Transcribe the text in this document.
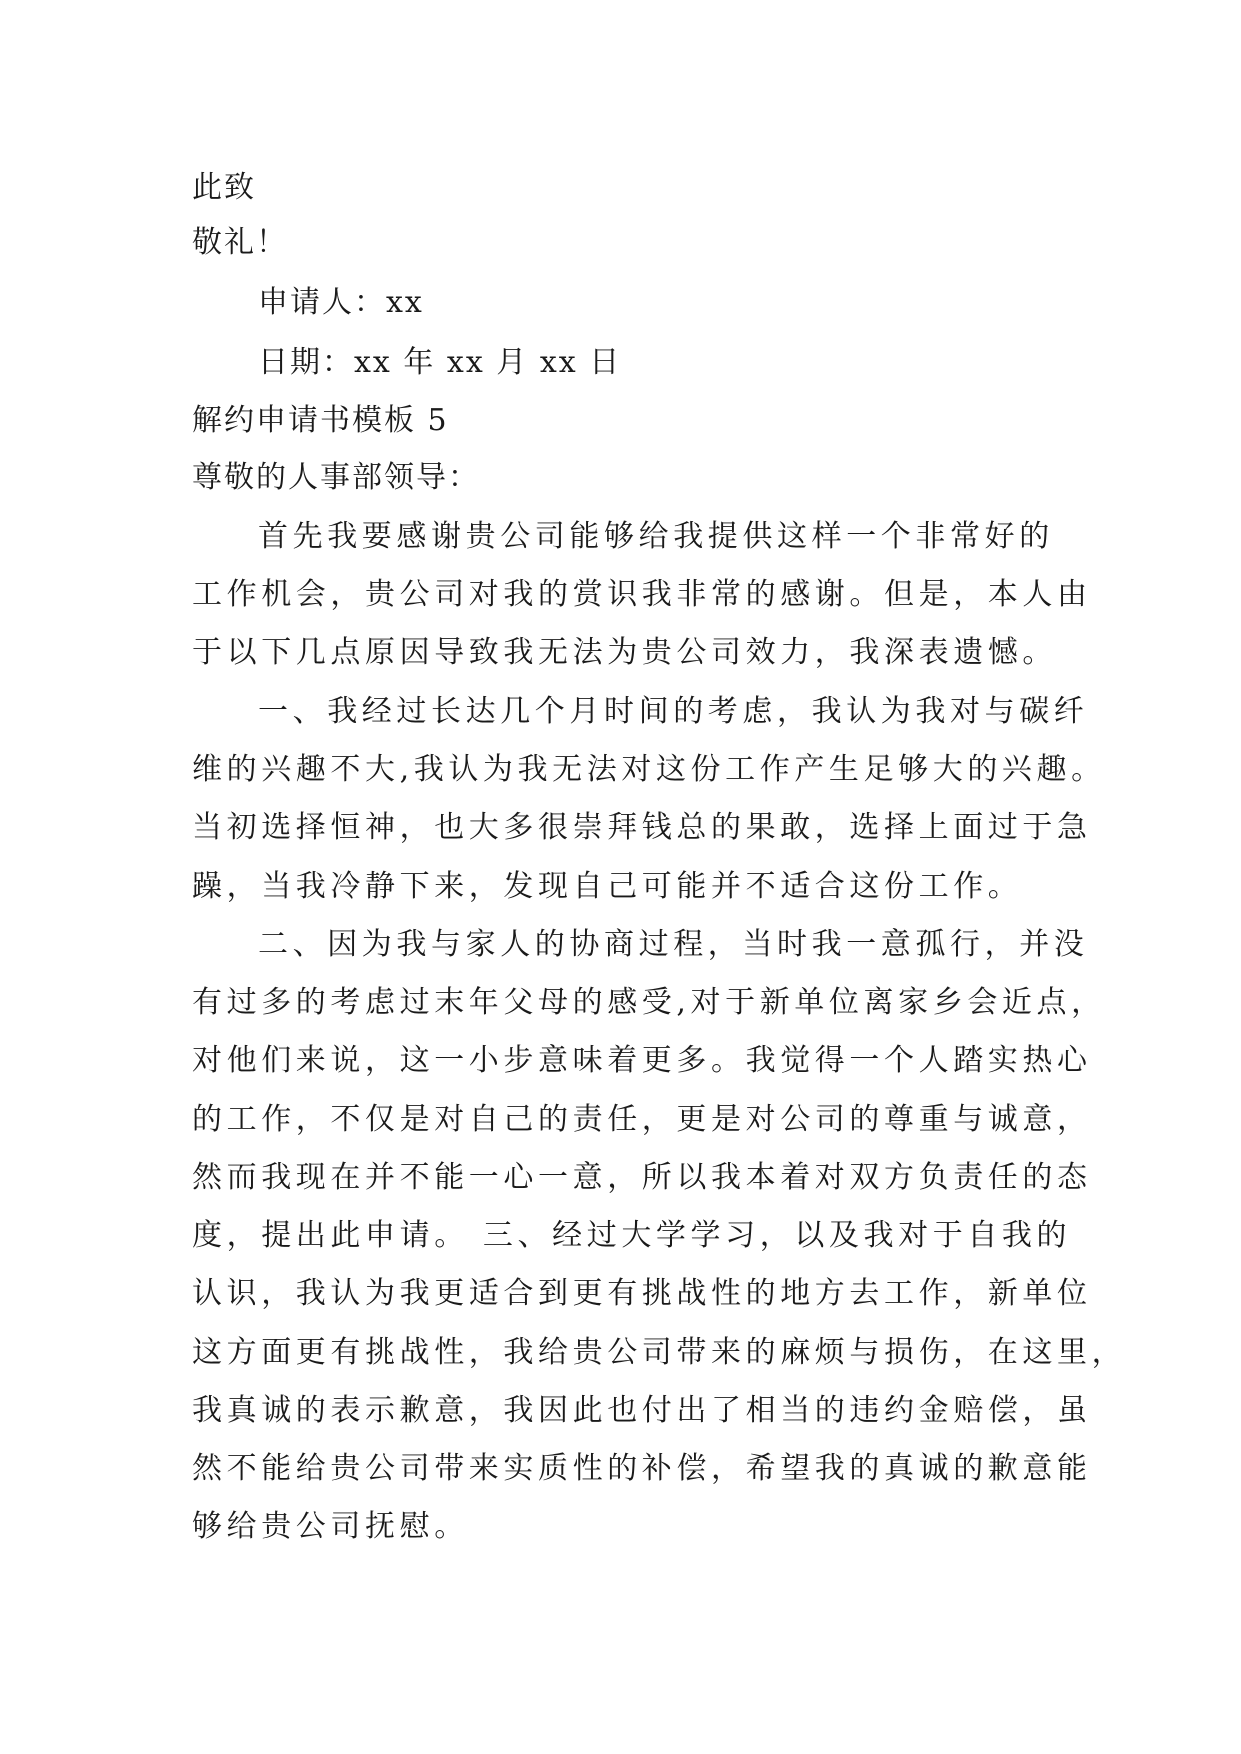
此致
敬礼！
申请人：xx
日期：xx 年 xx 月 xx 日
解约申请书模板 5
尊敬的人事部领导：
首先我要感谢贵公司能够给我提供这样一个非常好的
工作机会，贵公司对我的赏识我非常的感谢。但是，本人由
于以下几点原因导致我无法为贵公司效力，我深表遗憾。
一、我经过长达几个月时间的考虑，我认为我对与碳纤
维的兴趣不大,我认为我无法对这份工作产生足够大的兴趣。
当初选择恒神，也大多很崇拜钱总的果敢，选择上面过于急
躁，当我冷静下来，发现自己可能并不适合这份工作。
二、因为我与家人的协商过程，当时我一意孤行，并没
有过多的考虑过末年父母的感受,对于新单位离家乡会近点，
对他们来说，这一小步意味着更多。我觉得一个人踏实热心
的工作，不仅是对自己的责任，更是对公司的尊重与诚意，
然而我现在并不能一心一意，所以我本着对双方负责任的态
度，提出此申请。 三、经过大学学习，以及我对于自我的
认识，我认为我更适合到更有挑战性的地方去工作，新单位
这方面更有挑战性，我给贵公司带来的麻烦与损伤，在这里，
我真诚的表示歉意，我因此也付出了相当的违约金赔偿，虽
然不能给贵公司带来实质性的补偿，希望我的真诚的歉意能
够给贵公司抚慰。
